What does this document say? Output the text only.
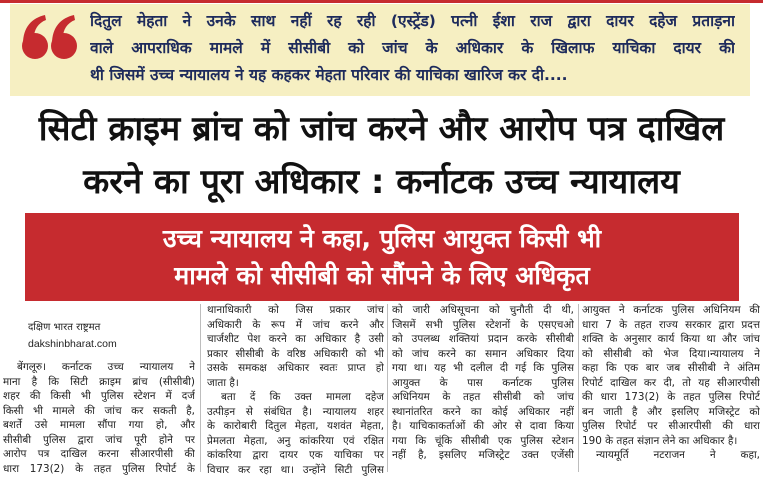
दितुल मेहता ने उनके साथ नहीं रह रही (एस्ट्रेंड) पत्नी ईशा राज द्वारा दायर दहेज प्रताड़ना
वाले आपराधिक मामले में सीसीबी को जांच के अधिकार के खिलाफ याचिका दायर की
थी जिसमें उच्च न्यायालय ने यह कहकर मेहता परिवार की याचिका खारिज कर दी....
सिटी क्राइम ब्रांच को जांच करने और आरोप पत्र दाखिल
करने का पूरा अधिकार : कर्नाटक उच्च न्यायालय
उच्च न्यायालय ने कहा, पुलिस आयुक्त किसी भी
मामले को सीसीबी को सौंपने के लिए अधिकृत
दक्षिण भारत राष्ट्रमत
dakshinbharat.com
बेंगलूरु। कर्नाटक उच्च न्यायालय ने
माना है कि सिटी क्राइम ब्रांच (सीसीबी)
शहर की किसी भी पुलिस स्टेशन में दर्ज
किसी भी मामले की जांच कर सकती है,
बशर्ते उसे मामला सौंपा गया हो, और
सीसीबी पुलिस द्वारा जांच पूरी होने पर
आरोप पत्र दाखिल करना सीआरपीसी की
धारा 173(2) के तहत पुलिस रिपोर्ट के
थानाधिकारी को जिस प्रकार जांच
अधिकारी के रूप में जांच करने और
चार्जशीट पेश करने का अधिकार है उसी
प्रकार सीसीबी के वरिष्ठ अधिकारी को भी
उसके समकक्ष अधिकार स्वतः प्राप्त हो
जाता है।
बता दें कि उक्त मामला दहेज
उत्पीड़न से संबंधित है। न्यायालय शहर
के कारोबारी दितुल मेहता, यशवंत मेहता,
प्रेमलता मेहता, अनु कांकरिया एवं रक्षित
कांकरिया द्वारा दायर एक याचिका पर
विचार कर रहा था। उन्होंने सिटी पुलिस
को जारी अधिसूचना को चुनौती दी थी,
जिसमें सभी पुलिस स्टेशनों के एसएचओ
को उपलब्ध शक्तियां प्रदान करके सीसीबी
को जांच करने का समान अधिकार दिया
गया था। यह भी दलील दी गई कि पुलिस
आयुक्त के पास कर्नाटक पुलिस
अधिनियम के तहत सीसीबी को जांच
स्थानांतरित करने का कोई अधिकार नहीं
है। याचिकाकर्ताओं की ओर से दावा किया
गया कि चूंकि सीसीबी एक पुलिस स्टेशन
नहीं है, इसलिए मजिस्ट्रेट उक्त एजेंसी
आयुक्त ने कर्नाटक पुलिस अधिनियम की
धारा 7 के तहत राज्य सरकार द्वारा प्रदत्त
शक्ति के अनुसार कार्य किया था और जांच
को सीसीबी को भेज दिया।न्यायालय ने
कहा कि एक बार जब सीसीबी ने अंतिम
रिपोर्ट दाखिल कर दी, तो यह सीआरपीसी
की धारा 173(2) के तहत पुलिस रिपोर्ट
बन जाती है और इसलिए मजिस्ट्रेट को
पुलिस रिपोर्ट पर सीआरपीसी की धारा
190 के तहत संज्ञान लेने का अधिकार है।
न्यायमूर्ति नटराजन ने कहा,
